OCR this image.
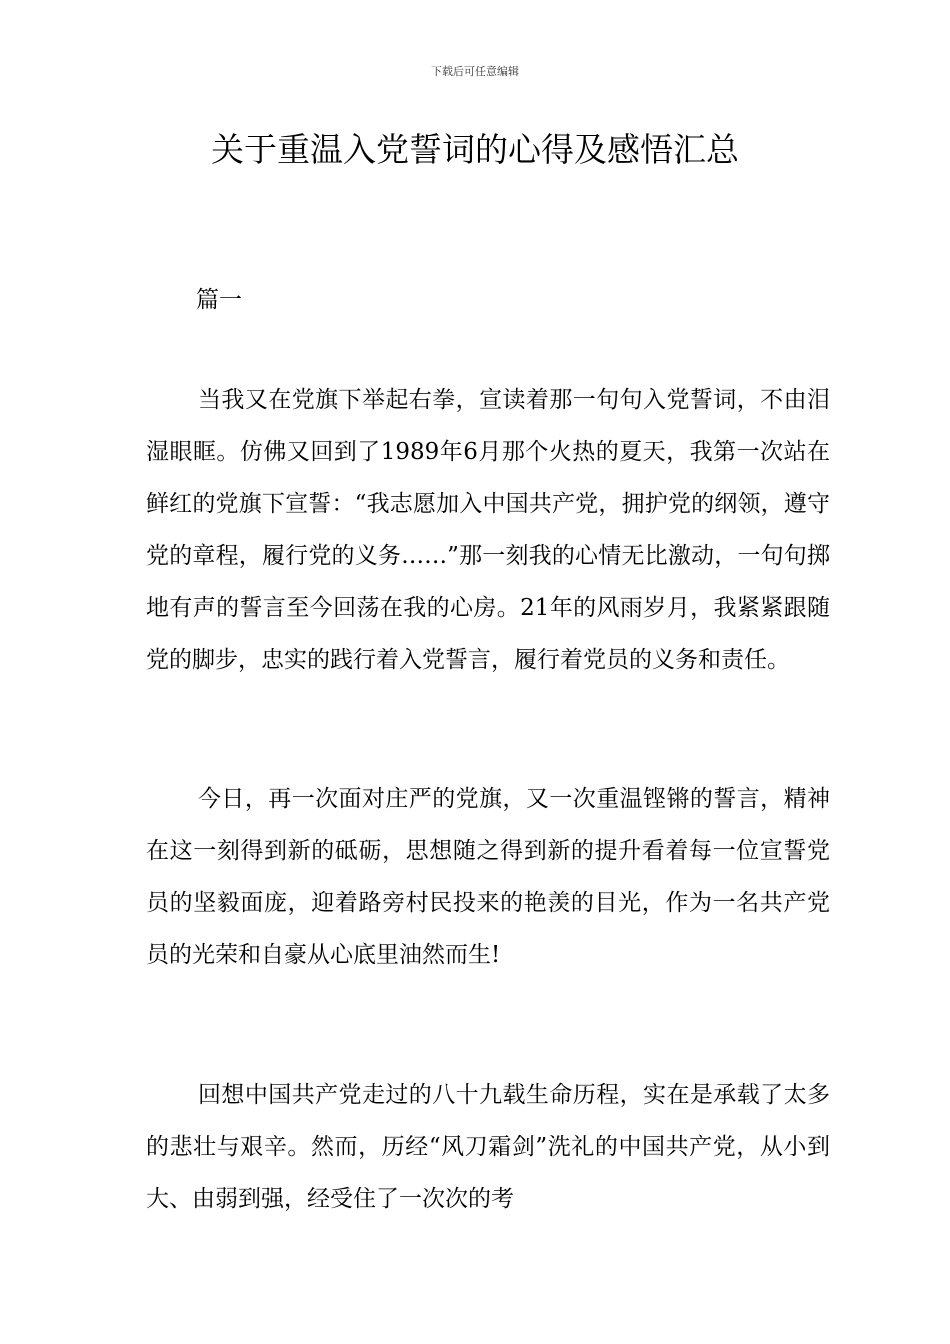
下载后可任意编辑
关于重温入党誓词的心得及感悟汇总
篇一

当我又在党旗下举起右拳，宣读着那一句句入党誓词，不由泪湿眼眶。仿佛又回到了1989年6月那个火热的夏天，我第一次站在鲜红的党旗下宣誓：“我志愿加入中国共产党，拥护党的纲领，遵守党的章程，履行党的义务……”那一刻我的心情无比激动，一句句掷地有声的誓言至今回荡在我的心房。21年的风雨岁月，我紧紧跟随党的脚步，忠实的践行着入党誓言，履行着党员的义务和责任。

今日，再一次面对庄严的党旗，又一次重温铿锵的誓言，精神在这一刻得到新的砥砺，思想随之得到新的提升看着每一位宣誓党员的坚毅面庞，迎着路旁村民投来的艳羡的目光，作为一名共产党员的光荣和自豪从心底里油然而生!

回想中国共产党走过的八十九载生命历程，实在是承载了太多的悲壮与艰辛。然而，历经“风刀霜剑”洗礼的中国共产党，从小到大、由弱到强，经受住了一次次的考
